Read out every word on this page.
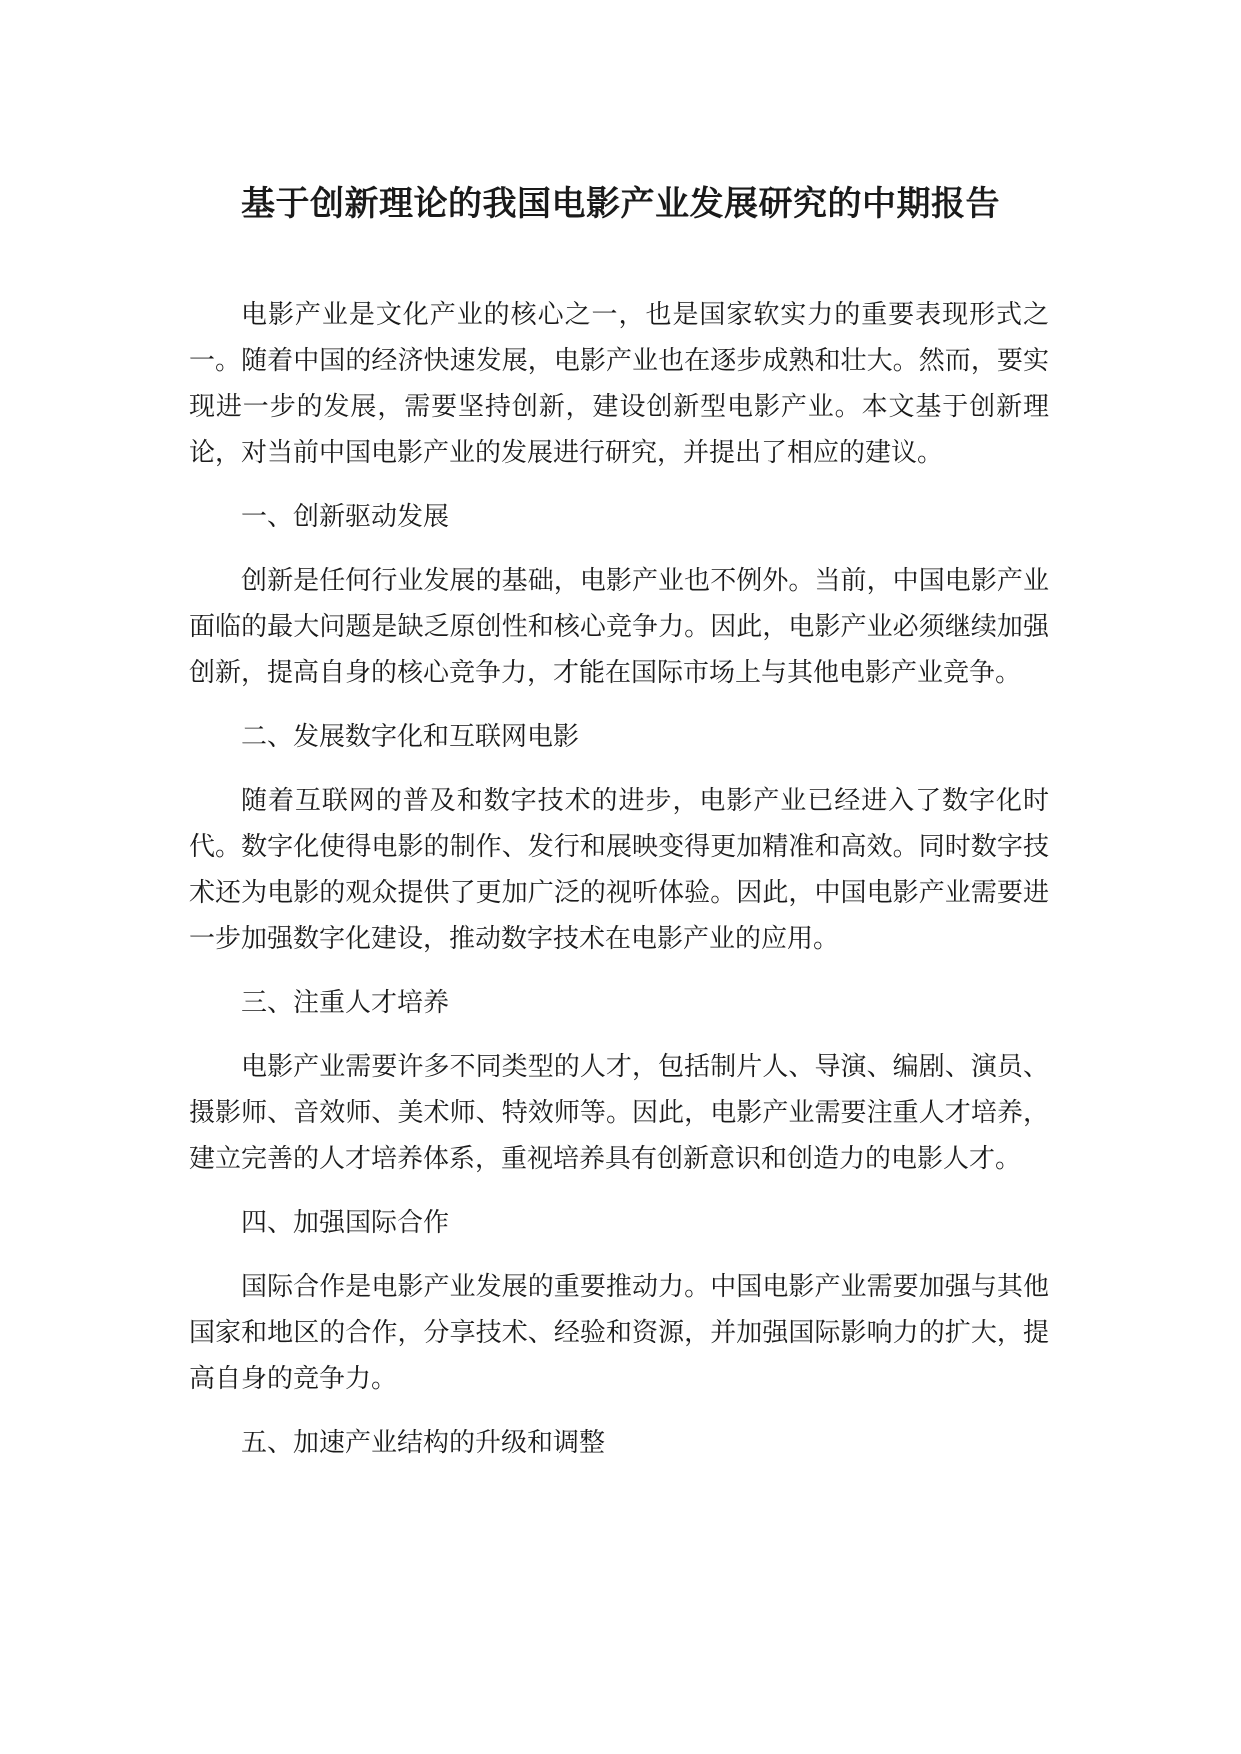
基于创新理论的我国电影产业发展研究的中期报告

电影产业是文化产业的核心之一，也是国家软实力的重要表现形式之一。随着中国的经济快速发展，电影产业也在逐步成熟和壮大。然而，要实现进一步的发展，需要坚持创新，建设创新型电影产业。本文基于创新理论，对当前中国电影产业的发展进行研究，并提出了相应的建议。

一、创新驱动发展

创新是任何行业发展的基础，电影产业也不例外。当前，中国电影产业面临的最大问题是缺乏原创性和核心竞争力。因此，电影产业必须继续加强创新，提高自身的核心竞争力，才能在国际市场上与其他电影产业竞争。

二、发展数字化和互联网电影

随着互联网的普及和数字技术的进步，电影产业已经进入了数字化时代。数字化使得电影的制作、发行和展映变得更加精准和高效。同时数字技术还为电影的观众提供了更加广泛的视听体验。因此，中国电影产业需要进一步加强数字化建设，推动数字技术在电影产业的应用。

三、注重人才培养

电影产业需要许多不同类型的人才，包括制片人、导演、编剧、演员、摄影师、音效师、美术师、特效师等。因此，电影产业需要注重人才培养，建立完善的人才培养体系，重视培养具有创新意识和创造力的电影人才。

四、加强国际合作

国际合作是电影产业发展的重要推动力。中国电影产业需要加强与其他国家和地区的合作，分享技术、经验和资源，并加强国际影响力的扩大，提高自身的竞争力。

五、加速产业结构的升级和调整
